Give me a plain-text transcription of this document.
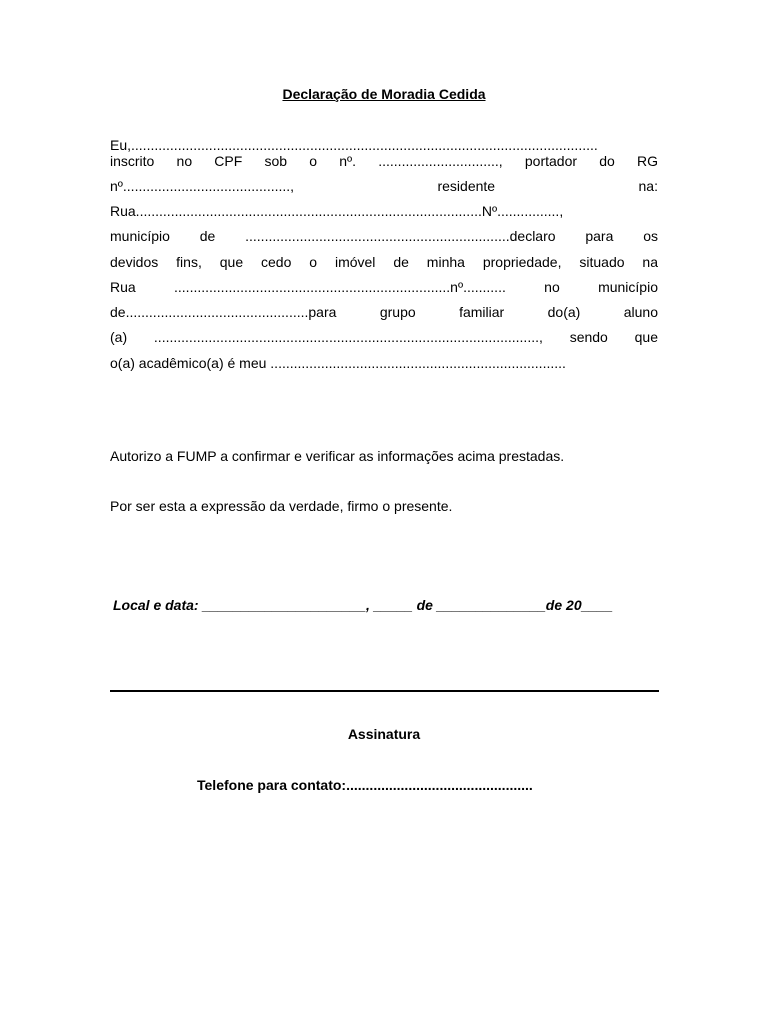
Declaração de Moradia Cedida
Eu,........................................................................................................................
inscrito no CPF sob o nº. ..............................., portador do RG
nº..........................................., residente na:
Rua.........................................................................................Nº................,
município de ....................................................................declaro para os
devidos fins, que cedo o imóvel de minha propriedade, situado na
Rua .......................................................................nº........... no município
de...............................................para grupo familiar do(a) aluno
(a) ..................................................................................................., sendo que
o(a) acadêmico(a) é meu ............................................................................
Autorizo a FUMP a confirmar e verificar as informações acima prestadas.
Por ser esta a expressão da verdade, firmo o presente.
Local e data: _____________________, _____ de ______________de 20____
Assinatura
Telefone para contato:................................................
